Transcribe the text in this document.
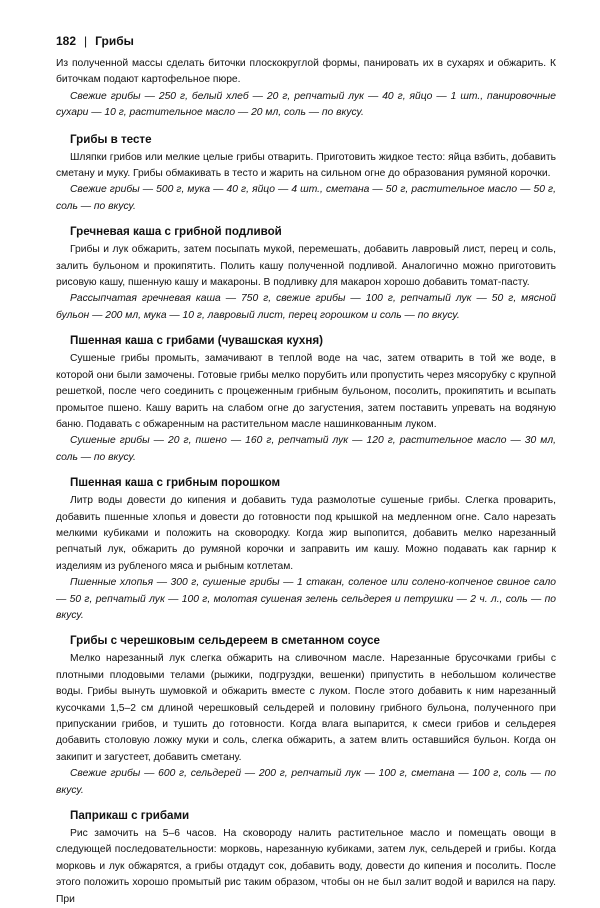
182 | Грибы

Из полученной массы сделать биточки плоскокруглой формы, панировать их в сухарях и обжарить. К биточкам подают картофельное пюре.

Свежие грибы — 250 г, белый хлеб — 20 г, репчатый лук — 40 г, яйцо — 1 шт., панировочные сухари — 10 г, растительное масло — 20 мл, соль — по вкусу.

Грибы в тесте

Шляпки грибов или мелкие целые грибы отварить. Приготовить жидкое тесто: яйца взбить, добавить сметану и муку. Грибы обмакивать в тесто и жарить на сильном огне до образования румяной корочки.

Свежие грибы — 500 г, мука — 40 г, яйцо — 4 шт., сметана — 50 г, растительное масло — 50 г, соль — по вкусу.

Гречневая каша с грибной подливой

Грибы и лук обжарить, затем посыпать мукой, перемешать, добавить лавровый лист, перец и соль, залить бульоном и прокипятить. Полить кашу полученной подливой. Аналогично можно приготовить рисовую кашу, пшенную кашу и макароны. В подливку для макарон хорошо добавить томат-пасту.

Рассыпчатая гречневая каша — 750 г, свежие грибы — 100 г, репчатый лук — 50 г, мясной бульон — 200 мл, мука — 10 г, лавровый лист, перец горошком и соль — по вкусу.

Пшенная каша с грибами (чувашская кухня)

Сушеные грибы промыть, замачивают в теплой воде на час, затем отварить в той же воде, в которой они были замочены. Готовые грибы мелко порубить или пропустить через мясорубку с крупной решеткой, после чего соединить с процеженным грибным бульоном, посолить, прокипятить и всыпать промытое пшено. Кашу варить на слабом огне до загустения, затем поставить упревать на водяную баню. Подавать с обжаренным на растительном масле нашинкованным луком.

Сушеные грибы — 20 г, пшено — 160 г, репчатый лук — 120 г, растительное масло — 30 мл, соль — по вкусу.

Пшенная каша с грибным порошком

Литр воды довести до кипения и добавить туда размолотые сушеные грибы. Слегка проварить, добавить пшенные хлопья и довести до готовности под крышкой на медленном огне. Сало нарезать мелкими кубиками и положить на сковородку. Когда жир выпопится, добавить мелко нарезанный репчатый лук, обжарить до румяной корочки и заправить им кашу. Можно подавать как гарнир к изделиям из рубленого мяса и рыбным котлетам.

Пшенные хлопья — 300 г, сушеные грибы — 1 стакан, соленое или солено-копченое свиное сало — 50 г, репчатый лук — 100 г, молотая сушеная зелень сельдерея и петрушки — 2 ч. л., соль — по вкусу.

Грибы с черешковым сельдереем в сметанном соусе

Мелко нарезанный лук слегка обжарить на сливочном масле. Нарезанные брусочками грибы с плотными плодовыми телами (рыжики, подгруздки, вешенки) припустить в небольшом количестве воды. Грибы вынуть шумовкой и обжарить вместе с луком. После этого добавить к ним нарезанный кусочками 1,5–2 см длиной черешковый сельдерей и половину грибного бульона, полученного при припускании грибов, и тушить до готовности. Когда влага выпарится, к смеси грибов и сельдерея добавить столовую ложку муки и соль, слегка обжарить, а затем влить оставшийся бульон. Когда он закипит и загустеет, добавить сметану.

Свежие грибы — 600 г, сельдерей — 200 г, репчатый лук — 100 г, сметана — 100 г, соль — по вкусу.

Паприкаш с грибами

Рис замочить на 5–6 часов. На сковороду налить растительное масло и помещать овощи в следующей последовательности: морковь, нарезанную кубиками, затем лук, сельдерей и грибы. Когда морковь и лук обжарятся, а грибы отдадут сок, добавить воду, довести до кипения и посолить. После этого положить хорошо промытый рис таким образом, чтобы он не был залит водой и варился на пару. При
